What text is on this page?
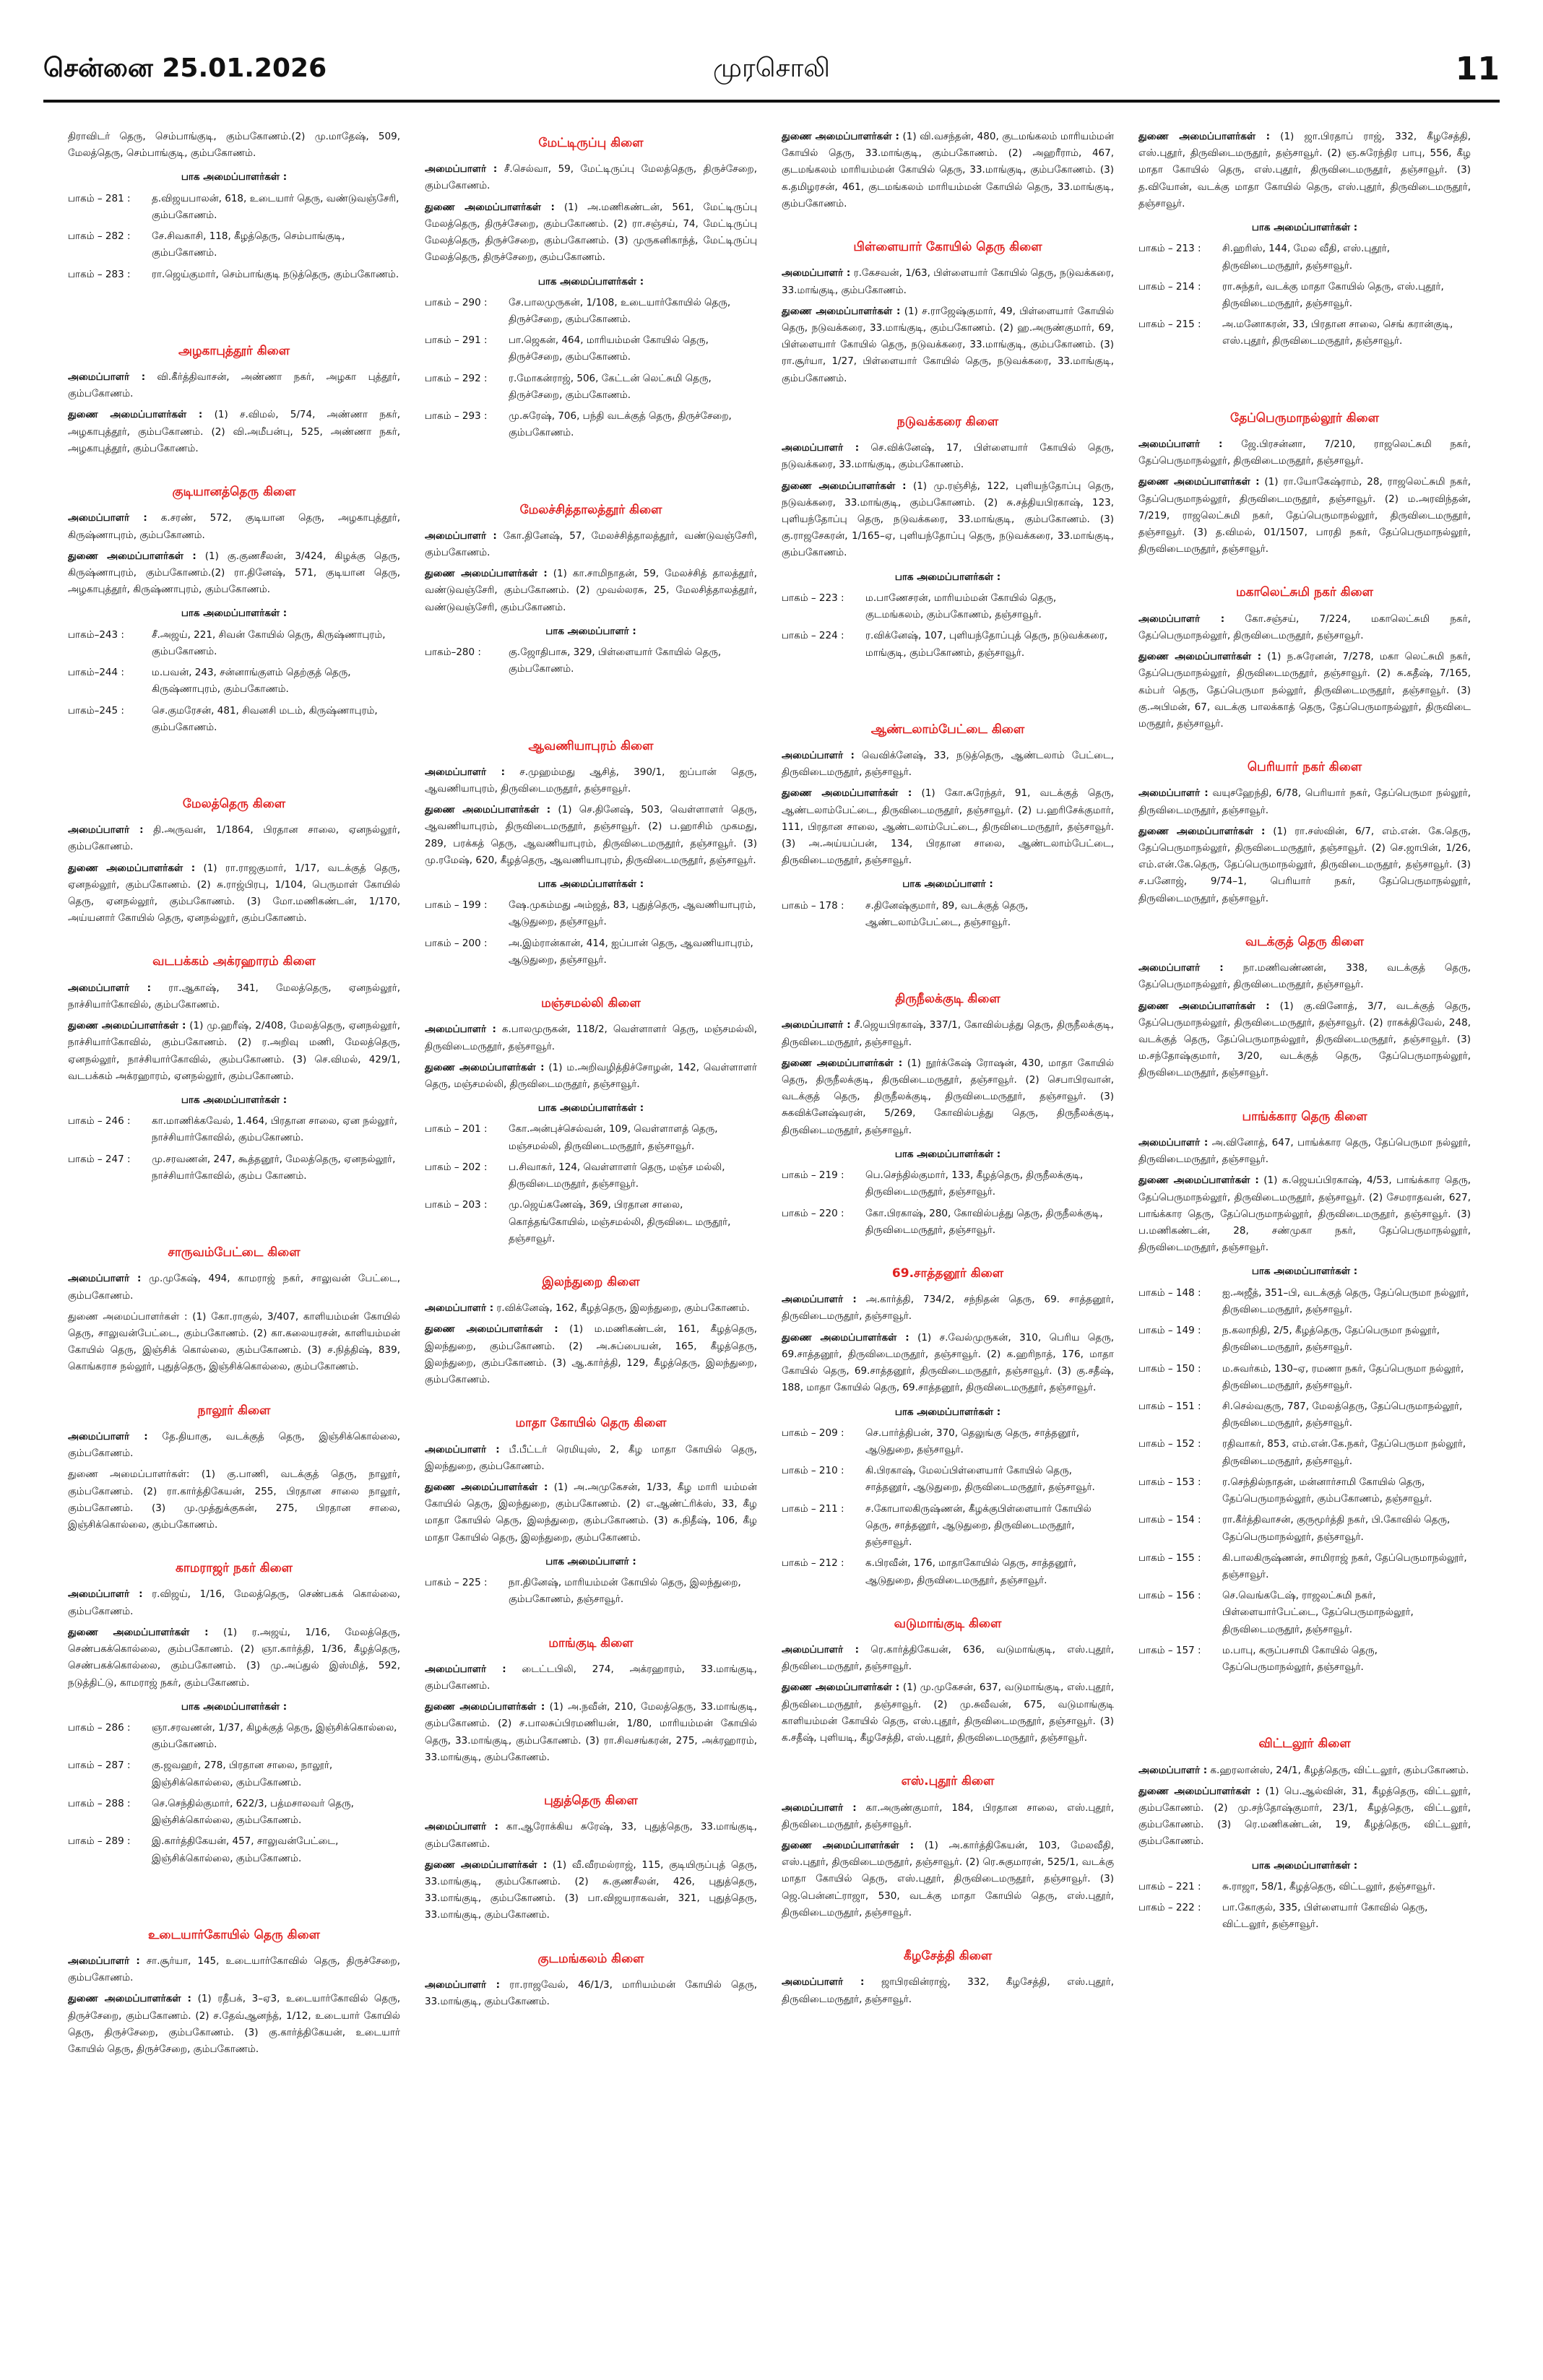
சென்னை 25.01.2026	முரசொலி	11

திராவிடர் தெரு, செம்பாங்குடி, கும்பகோணம்.(2) மு.மாதேஷ், 509, மேலத்தெரு, செம்பாங்குடி, கும்பகோணம்.

பாக அமைப்பாளர்கள் :
பாகம் – 281 :	த.விஜயபாலன், 618, உடையார் தெரு, வண்டுவஞ்சேரி, கும்பகோணம்.
பாகம் – 282 :	சே.சிவகாசி, 118, கீழத்தெரு, செம்பாங்குடி, கும்பகோணம்.
பாகம் – 283 :	ரா.ஜெய்குமார், செம்பாங்குடி நடுத்தெரு, கும்பகோணம்.
அழகாபுத்தூர் கிளை

அமைப்பாளர் : வி.கீர்த்திவாசன், அண்ணா நகர், அழகா புத்தூர், கும்பகோணம்.

துணை அமைப்பாளர்கள் : (1) ச.விமல், 5/74, அண்ணா நகர், அழகாபுத்தூர், கும்பகோணம். (2) வி.அமீபன்பு, 525, அண்ணா நகர், அழகாபுத்தூர், கும்பகோணம்.

குடியானத்தெரு கிளை

அமைப்பாளர் : க.சரண், 572, குடியான தெரு, அழகாபுத்தூர், கிருஷ்ணாபுரம், கும்பகோணம்.

துணை அமைப்பாளர்கள் : (1) கு.குணசீலன், 3/424, கிழக்கு தெரு, கிருஷ்ணாபுரம், கும்பகோணம்.(2) ரா.தினேஷ், 571, குடியான தெரு, அழகாபுத்தூர், கிருஷ்ணாபுரம், கும்பகோணம்.

பாக அமைப்பாளர்கள் :
பாகம்–243 :	சீ.அஜய், 221, சிவன் கோயில் தெரு, கிருஷ்ணாபுரம், கும்பகோணம்.
பாகம்–244 :	ம.பவன், 243, சன்னாங்குளம் தெற்குத் தெரு, கிருஷ்ணாபுரம், கும்பகோணம்.
பாகம்–245 :	செ.குமரேசன், 481, சிவனசி மடம், கிருஷ்ணாபுரம், கும்பகோணம்.
மேலத்தெரு கிளை

அமைப்பாளர் : தி.அருவன், 1/1864, பிரதான சாலை, ஏனநல்லூர், கும்பகோணம்.

துணை அமைப்பாளர்கள் : (1) ரா.ராஜகுமார், 1/17, வடக்குத் தெரு, ஏனநல்லூர், கும்பகோணம். (2) சு.ராஜ்பிரபு, 1/104, பெருமாள் கோயில் தெரு, ஏனநல்லூர், கும்பகோணம். (3) மோ.மணிகண்டன், 1/170, அய்யனார் கோயில் தெரு, ஏனநல்லூர், கும்பகோணம்.

வடபக்கம் அக்ரஹாரம் கிளை

அமைப்பாளர் : ரா.ஆகாஷ், 341, மேலத்தெரு, ஏனநல்லூர், நாச்சியார்கோவில், கும்பகோணம்.

துணை அமைப்பாளர்கள் : (1) மு.ஹரீஷ், 2/408, மேலத்தெரு, ஏனநல்லூர், நாச்சியார்கோவில், கும்பகோணம். (2) ர.அறிவு மணி, மேலத்தெரு, ஏனநல்லூர், நாச்சியார்கோவில், கும்பகோணம். (3) செ.விமல், 429/1, வடபக்கம் அக்ரஹாரம், ஏனநல்லூர், கும்பகோணம்.

பாக அமைப்பாளர்கள் :
பாகம் – 246 :	கா.மாணிக்கவேல், 1.464, பிரதான சாலை, ஏன நல்லூர், நாச்சியார்கோவில், கும்பகோணம்.
பாகம் – 247 :	மு.சரவணன், 247, கூத்தனூர், மேலத்தெரு, ஏனநல்லூர், நாச்சியார்கோவில், கும்ப கோணம்.
சாருவம்பேட்டை கிளை

அமைப்பாளர் : மு.முகேஷ், 494, காமராஜ் நகர், சாலுவன் பேட்டை, கும்பகோணம்.

துணை அமைப்பாளர்கள் : (1) கோ.ராகுல், 3/407, காளியம்மன் கோயில் தெரு, சாலுவன்பேட்டை, கும்பகோணம். (2) கா.கலையரசன், காளியம்மன் கோயில் தெரு, இஞ்சிக் கொல்லை, கும்பகோணம். (3) ச.நித்திஷ், 839, கொங்கராச நல்லூர், புதுத்தெரு, இஞ்சிக்கொல்லை, கும்பகோணம்.

நாலூர் கிளை

அமைப்பாளர் : தே.தியாகு, வடக்குத் தெரு, இஞ்சிக்கொல்லை, கும்பகோணம்.

துணை அமைப்பாளர்கள்: (1) கு.பாணி, வடக்குத் தெரு, நாலூர், கும்பகோணம். (2) ரா.கார்த்திகேயன், 255, பிரதான சாலை நாலூர், கும்பகோணம். (3) மு.முத்துக்குகன், 275, பிரதான சாலை, இஞ்சிக்கொல்லை, கும்பகோணம்.

காமராஜர் நகர் கிளை

அமைப்பாளர் : ர.விஜய், 1/16, மேலத்தெரு, செண்பகக் கொல்லை, கும்பகோணம்.

துணை அமைப்பாளர்கள் : (1) ர.அஜய், 1/16, மேலத்தெரு, செண்பகக்கொல்லை, கும்பகோணம். (2) ஞா.கார்த்தி, 1/36, கீழத்தெரு, செண்பகக்கொல்லை, கும்பகோணம். (3) மு.அப்துல் இஸ்மித், 592, நடுத்திட்டு, காமராஜ் நகர், கும்பகோணம்.

பாக அமைப்பாளர்கள் :
பாகம் – 286 :	ஞா.சரவணன், 1/37, கிழக்குத் தெரு, இஞ்சிக்கொல்லை, கும்பகோணம்.
பாகம் – 287 :	கு.ஜவஹர், 278, பிரதான சாலை, நாலூர், இஞ்சிக்கொல்லை, கும்பகோணம்.
பாகம் – 288 :	செ.செந்தில்குமார், 622/3, பத்மசாலவர் தெரு, இஞ்சிக்கொல்லை, கும்பகோணம்.
பாகம் – 289 :	இ.கார்த்திகேயன், 457, சாலுவன்பேட்டை, இஞ்சிக்கொல்லை, கும்பகோணம்.
உடையார்கோயில் தெரு கிளை

அமைப்பாளர் : சா.சூர்யா, 145, உடையார்கோவில் தெரு, திருச்சேறை, கும்பகோணம்.

துணை அமைப்பாளர்கள் : (1) ரதீபக், 3–ஏ3, உடையார்கோவில் தெரு, திருச்சேறை, கும்பகோணம். (2) ச.தேவ்ஆனந்த், 1/12, உடையார் கோயில் தெரு, திருச்சேறை, கும்பகோணம். (3) கு.கார்த்திகேயன், உடையார் கோயில் தெரு, திருச்சேறை, கும்பகோணம்.

மேட்டிருப்பு கிளை

அமைப்பாளர் : சீ.செல்வா, 59, மேட்டிருப்பு மேலத்தெரு, திருச்சேறை, கும்பகோணம்.

துணை அமைப்பாளர்கள் : (1) அ.மணிகண்டன், 561, மேட்டிருப்பு மேலத்தெரு, திருச்சேறை, கும்பகோணம். (2) ரா.சஞ்சய், 74, மேட்டிருப்பு மேலத்தெரு, திருச்சேறை, கும்பகோணம். (3) முருகனிகாந்த், மேட்டிருப்பு மேலத்தெரு, திருச்சேறை, கும்பகோணம்.

பாக அமைப்பாளர்கள் :
பாகம் – 290 :	சே.பாலமுருகன், 1/108, உடையார்கோயில் தெரு, திருச்சேறை, கும்பகோணம்.
பாகம் – 291 :	பா.ஜெகன், 464, மாரியம்மன் கோயில் தெரு, திருச்சேறை, கும்பகோணம்.
பாகம் – 292 :	ர.மோகன்ராஜ், 506, கேட்டன் லெட்சுமி தெரு, திருச்சேறை, கும்பகோணம்.
பாகம் – 293 :	மு.சுரேஷ், 706, பந்தி வடக்குத் தெரு, திருச்சேறை, கும்பகோணம்.
மேலச்சித்தாலத்தூர் கிளை

அமைப்பாளர் : கோ.தினேஷ், 57, மேலச்சித்தாலத்தூர், வண்டுவஞ்சேரி, கும்பகோணம்.

துணை அமைப்பாளர்கள் : (1) கா.சாமிநாதன், 59, மேலச்சித் தாலத்தூர், வண்டுவஞ்சேரி, கும்பகோணம். (2) முவல்லரசு, 25, மேலசித்தாலத்தூர், வண்டுவஞ்சேரி, கும்பகோணம்.

பாக அமைப்பாளர் :
பாகம்–280 :	கு.ஜோதிபாசு, 329, பிள்ளையார் கோயில் தெரு, கும்பகோணம்.
ஆவணியாபுரம் கிளை

அமைப்பாளர் : ச.முஹம்மது ஆசித், 390/1, ஐப்பான் தெரு, ஆவணியாபுரம், திருவிடைமருதூர், தஞ்சாவூர்.

துணை அமைப்பாளர்கள் : (1) செ.தினேஷ், 503, வெள்ளாளர் தெரு, ஆவணியாபுரம், திருவிடைமருதூர், தஞ்சாவூர். (2) ப.ஹாசிம் முகமது, 289, பரக்கத் தெரு, ஆவணியாபுரம், திருவிடைமருதூர், தஞ்சாவூர். (3) மு.ரமேஷ், 620, கீழத்தெரு, ஆவணியாபுரம், திருவிடைமருதூர், தஞ்சாவூர்.

பாக அமைப்பாளர்கள் :
பாகம் – 199 :	ஷே.முகம்மது அம்ஜத், 83, புதுத்தெரு, ஆவணியாபுரம், ஆடுதுறை, தஞ்சாவூர்.
பாகம் – 200 :	அ.இம்ரான்கான், 414, ஐப்பான் தெரு, ஆவணியாபுரம், ஆடுதுறை, தஞ்சாவூர்.
மஞ்சமல்லி கிளை

அமைப்பாளர் : க.பாலமுருகன், 118/2, வெள்ளாளர் தெரு, மஞ்சமல்லி, திருவிடைமருதூர், தஞ்சாவூர்.

துணை அமைப்பாளர்கள் : (1) ம.அறிவழித்திச்சோழன், 142, வெள்ளாளர் தெரு, மஞ்சமல்லி, திருவிடைமருதூர், தஞ்சாவூர்.

பாக அமைப்பாளர்கள் :
பாகம் – 201 :	கோ.அன்புச்செல்வன், 109, வெள்ளாளத் தெரு, மஞ்சமல்லி, திருவிடைமருதூர், தஞ்சாவூர்.
பாகம் – 202 :	ப.சிவாகர், 124, வெள்ளாளர் தெரு, மஞ்ச மல்லி, திருவிடைமருதூர், தஞ்சாவூர்.
பாகம் – 203 :	மு.ஜெய்கணேஷ், 369, பிரதான சாலை, கொத்தங்கோயில், மஞ்சமல்லி, திருவிடை மருதூர், தஞ்சாவூர்.
இலந்துறை கிளை

அமைப்பாளர் : ர.விக்னேஷ், 162, கீழத்தெரு, இலந்துறை, கும்பகோணம்.

துணை அமைப்பாளர்கள் : (1) ம.மணிகண்டன், 161, கீழத்தெரு, இலந்துறை, கும்பகோணம். (2) அ.சுப்பையன், 165, கீழத்தெரு, இலந்துறை, கும்பகோணம். (3) ஆ.கார்த்தி, 129, கீழத்தெரு, இலந்துறை, கும்பகோணம்.

மாதா கோயில் தெரு கிளை

அமைப்பாளர் : பீ.பீட்டர் ரெமியுஸ், 2, கீழ மாதா கோயில் தெரு, இலந்துறை, கும்பகோணம்.

துணை அமைப்பாளர்கள் : (1) அ.அமுகேசன், 1/33, கீழ மாரி யம்மன் கோயில் தெரு, இலந்துறை, கும்பகோணம். (2) எ.ஆண்ட்ரிக்ஸ், 33, கீழ மாதா கோயில் தெரு, இலந்துறை, கும்பகோணம். (3) சு.நிதீஷ், 106, கீழ மாதா கோயில் தெரு, இலந்துறை, கும்பகோணம்.

பாக அமைப்பாளர் :
பாகம் – 225 :	நா.தினேஷ், மாரியம்மன் கோயில் தெரு, இலந்துறை, கும்பகோணம், தஞ்சாவூர்.
மாங்குடி கிளை

அமைப்பாளர் : டைட்டபிலி, 274, அக்ரஹாரம், 33.மாங்குடி, கும்பகோணம்.

துணை அமைப்பாளர்கள் : (1) அ.நவீன், 210, மேலத்தெரு, 33.மாங்குடி, கும்பகோணம். (2) ச.பாலசுப்பிரமணியன், 1/80, மாரியம்மன் கோயில் தெரு, 33.மாங்குடி, கும்பகோணம். (3) ரா.சிவசங்கரன், 275, அக்ரஹாரம், 33.மாங்குடி, கும்பகோணம்.

புதுத்தெரு கிளை

அமைப்பாளர் : கா.ஆரோக்கிய சுரேஷ், 33, புதுத்தெரு, 33.மாங்குடி, கும்பகோணம்.

துணை அமைப்பாளர்கள் : (1) வீ.வீரமல்ராஜ், 115, குடியிருப்புத் தெரு, 33.மாங்குடி, கும்பகோணம். (2) சு.குணசீலன், 426, புதுத்தெரு, 33.மாங்குடி, கும்பகோணம். (3) பா.விஜயராகவன், 321, புதுத்தெரு, 33.மாங்குடி, கும்பகோணம்.

குடமங்கலம் கிளை

அமைப்பாளர் : ரா.ராஜவேல், 46/1/3, மாரியம்மன் கோயில் தெரு, 33.மாங்குடி, கும்பகோணம்.

துணை அமைப்பாளர்கள் : (1) வி.வசந்தன், 480, குடமங்கலம் மாரியம்மன் கோயில் தெரு, 33.மாங்குடி, கும்பகோணம். (2) அஹரீராம், 467, குடமங்கலம் மாரியம்மன் கோயில் தெரு, 33.மாங்குடி, கும்பகோணம். (3) க.தமிழரசன், 461, குடமங்கலம் மாரியம்மன் கோயில் தெரு, 33.மாங்குடி, கும்பகோணம்.

பிள்ளையார் கோயில் தெரு கிளை

அமைப்பாளர் : ர.கேசவன், 1/63, பிள்ளையார் கோயில் தெரு, நடுவக்கரை, 33.மாங்குடி, கும்பகோணம்.

துணை அமைப்பாளர்கள் : (1) ச.ராஜேஷ்குமார், 49, பிள்ளையார் கோயில் தெரு, நடுவக்கரை, 33.மாங்குடி, கும்பகோணம். (2) ஹ.அருண்குமார், 69, பிள்ளையார் கோயில் தெரு, நடுவக்கரை, 33.மாங்குடி, கும்பகோணம். (3) ரா.சூர்யா, 1/27, பிள்ளையார் கோயில் தெரு, நடுவக்கரை, 33.மாங்குடி, கும்பகோணம்.

நடுவக்கரை கிளை

அமைப்பாளர் : செ.விக்னேஷ், 17, பிள்ளையார் கோயில் தெரு, நடுவக்கரை, 33.மாங்குடி, கும்பகோணம்.

துணை அமைப்பாளர்கள் : (1) மு.ரஞ்சித், 122, புளியந்தோப்பு தெரு, நடுவக்கரை, 33.மாங்குடி, கும்பகோணம். (2) சு.சத்தியபிரகாஷ், 123, புளியந்தோப்பு தெரு, நடுவக்கரை, 33.மாங்குடி, கும்பகோணம். (3) கு.ராஜசேகரன், 1/165–ஏ, புளியந்தோப்பு தெரு, நடுவக்கரை, 33.மாங்குடி, கும்பகோணம்.

பாக அமைப்பாளர்கள் :
பாகம் – 223 :	ம.பாணேசரன், மாரியம்மன் கோயில் தெரு, குடமங்கலம், கும்பகோணம், தஞ்சாவூர்.
பாகம் – 224 :	ர.விக்னேஷ், 107, புளியந்தோப்புத் தெரு, நடுவக்கரை, மாங்குடி, கும்பகோணம், தஞ்சாவூர்.
ஆண்டலாம்பேட்டை கிளை

அமைப்பாளர் : வெவிக்னேஷ், 33, நடுத்தெரு, ஆண்டலாம் பேட்டை, திருவிடைமருதூர், தஞ்சாவூர்.

துணை அமைப்பாளர்கள் : (1) கோ.சுரேந்தர், 91, வடக்குத் தெரு, ஆண்டலாம்பேட்டை, திருவிடைமருதூர், தஞ்சாவூர். (2) ப.ஹரிசேக்குமார், 111, பிரதான சாலை, ஆண்டலாம்பேட்டை, திருவிடைமருதூர், தஞ்சாவூர். (3) அ.அய்யப்பன், 134, பிரதான சாலை, ஆண்டலாம்பேட்டை, திருவிடைமருதூர், தஞ்சாவூர்.

பாக அமைப்பாளர் :
பாகம் – 178 :	ச.தினேஷ்குமார், 89, வடக்குத் தெரு, ஆண்டலாம்பேட்டை, தஞ்சாவூர்.
திருநீலக்குடி கிளை

அமைப்பாளர் : சீ.ஜெயபிரகாஷ், 337/1, கோவில்பத்து தெரு, திருநீலக்குடி, திருவிடைமருதூர், தஞ்சாவூர்.

துணை அமைப்பாளர்கள் : (1) நூர்க்கேஷ் ரோஷன், 430, மாதா கோயில் தெரு, திருநீலக்குடி, திருவிடைமருதூர், தஞ்சாவூர். (2) செபாபிரவான், வடக்குத் தெரு, திருநீலக்குடி, திருவிடைமருதூர், தஞ்சாவூர். (3) சுகவிக்னேஷ்வரன், 5/269, கோவில்பத்து தெரு, திருநீலக்குடி, திருவிடைமருதூர், தஞ்சாவூர்.

பாக அமைப்பாளர்கள் :
பாகம் – 219 :	பெ.செந்தில்குமார், 133, கீழத்தெரு, திருநீலக்குடி, திருவிடைமருதூர், தஞ்சாவூர்.
பாகம் – 220 :	கோ.பிரகாஷ், 280, கோவில்பத்து தெரு, திருநீலக்குடி, திருவிடைமருதூர், தஞ்சாவூர்.
69.சாத்தனூர் கிளை

அமைப்பாளர் : அ.கார்த்தி, 734/2, சந்நிதன் தெரு, 69. சாத்தனூர், திருவிடைமருதூர், தஞ்சாவூர்.

துணை அமைப்பாளர்கள் : (1) ச.வேல்முருகன், 310, பெரிய தெரு, 69.சாத்தனூர், திருவிடைமருதூர், தஞ்சாவூர். (2) க.ஹரிநாத், 176, மாதா கோயில் தெரு, 69.சாத்தனூர், திருவிடைமருதூர், தஞ்சாவூர். (3) கு.சதீஷ், 188, மாதா கோயில் தெரு, 69.சாத்தனூர், திருவிடைமருதூர், தஞ்சாவூர்.

பாக அமைப்பாளர்கள் :
பாகம் – 209 :	செ.பார்த்திபன், 370, தெலுங்கு தெரு, சாத்தனூர், ஆடுதுறை, தஞ்சாவூர்.
பாகம் – 210 :	கி.பிரகாஷ், மேலப்பிள்ளையார் கோயில் தெரு, சாத்தனூர், ஆடுதுறை, திருவிடைமருதூர், தஞ்சாவூர்.
பாகம் – 211 :	ச.கோபாலகிருஷ்ணன், கீழக்குபிள்ளையார் கோயில் தெரு, சாத்தனூர், ஆடுதுறை, திருவிடைமருதூர், தஞ்சாவூர்.
பாகம் – 212 :	க.பிரவீன், 176, மாதாகோயில் தெரு, சாத்தனூர், ஆடுதுறை, திருவிடைமருதூர், தஞ்சாவூர்.
வடுமாங்குடி கிளை

அமைப்பாளர் : ரெ.கார்த்திகேயன், 636, வடுமாங்குடி, எஸ்.புதூர், திருவிடைமருதூர், தஞ்சாவூர்.

துணை அமைப்பாளர்கள் : (1) மு.முகேசன், 637, வடுமாங்குடி, எஸ்.புதூர், திருவிடைமருதூர், தஞ்சாவூர். (2) மு.சுவீவன், 675, வடுமாங்குடி காளியம்மன் கோயில் தெரு, எஸ்.புதூர், திருவிடைமருதூர், தஞ்சாவூர். (3) க.சதீஷ், புளியடி, கீழசேத்தி, எஸ்.புதூர், திருவிடைமருதூர், தஞ்சாவூர்.

எஸ்.புதூர் கிளை

அமைப்பாளர் : கா.அருண்குமார், 184, பிரதான சாலை, எஸ்.புதூர், திருவிடைமருதூர், தஞ்சாவூர்.

துணை அமைப்பாளர்கள் : (1) அ.கார்த்திகேயன், 103, மேலவீதி, எஸ்.புதூர், திருவிடைமருதூர், தஞ்சாவூர். (2) ரெ.சுகுமாரன், 525/1, வடக்கு மாதா கோயில் தெரு, எஸ்.புதூர், திருவிடைமருதூர், தஞ்சாவூர். (3) ஜெ.பென்னட்ராஜா, 530, வடக்கு மாதா கோயில் தெரு, எஸ்.புதூர், திருவிடைமருதூர், தஞ்சாவூர்.

கீழசேத்தி கிளை

அமைப்பாளர் : ஜாபிரவின்ராஜ், 332, கீழசேத்தி, எஸ்.புதூர், திருவிடைமருதூர், தஞ்சாவூர்.

துணை அமைப்பாளர்கள் : (1) ஜா.பிரதாப் ராஜ், 332, கீழசேத்தி, எஸ்.புதூர், திருவிடைமருதூர், தஞ்சாவூர். (2) ஞ.சுரேந்திர பாபு, 556, கீழ மாதா கோயில் தெரு, எஸ்.புதூர், திருவிடைமருதூர், தஞ்சாவூர். (3) த.வியோன், வடக்கு மாதா கோயில் தெரு, எஸ்.புதூர், திருவிடைமருதூர், தஞ்சாவூர்.

பாக அமைப்பாளர்கள் :
பாகம் – 213 :	சி.ஹரிஸ், 144, மேல வீதி, எஸ்.புதூர், திருவிடைமருதூர், தஞ்சாவூர்.
பாகம் – 214 :	ரா.சுந்தர், வடக்கு மாதா கோயில் தெரு, எஸ்.புதூர், திருவிடைமருதூர், தஞ்சாவூர்.
பாகம் – 215 :	அ.மனோகரன், 33, பிரதான சாலை, செங் கரான்குடி, எஸ்.புதூர், திருவிடைமருதூர், தஞ்சாவூர்.
தேப்பெருமாநல்லூர் கிளை

அமைப்பாளர் : ஜே.பிரசன்னா, 7/210, ராஜலெட்சுமி நகர், தேப்பெருமாநல்லூர், திருவிடைமருதூர், தஞ்சாவூர்.

துணை அமைப்பாளர்கள் : (1) ரா.யோகேஷ்ராம், 28, ராஜலெட்சுமி நகர், தேப்பெருமாநல்லூர், திருவிடைமருதூர், தஞ்சாவூர். (2) ம.அரவிந்தன், 7/219, ராஜலெட்சுமி நகர், தேப்பெருமாநல்லூர், திருவிடைமருதூர், தஞ்சாவூர். (3) த.விமல், 01/1507, பாரதி நகர், தேப்பெருமாநல்லூர், திருவிடைமருதூர், தஞ்சாவூர்.

மகாலெட்சுமி நகர் கிளை

அமைப்பாளர் : கோ.சஞ்சய், 7/224, மகாலெட்சுமி நகர், தேப்பெருமாநல்லூர், திருவிடைமருதூர், தஞ்சாவூர்.

துணை அமைப்பாளர்கள் : (1) ந.சுரேனன், 7/278, மகா லெட்சுமி நகர், தேப்பெருமாநல்லூர், திருவிடைமருதூர், தஞ்சாவூர். (2) சு.கதீஷ், 7/165, கம்பர் தெரு, தேப்பெருமா நல்லூர், திருவிடைமருதூர், தஞ்சாவூர். (3) கு.அபிமன், 67, வடக்கு பாலக்காத் தெரு, தேப்பெருமாநல்லூர், திருவிடை மருதூர், தஞ்சாவூர்.

பெரியார் நகர் கிளை

அமைப்பாளர் : வயுசஹேந்தி, 6/78, பெரியார் நகர், தேப்பெருமா நல்லூர், திருவிடைமருதூர், தஞ்சாவூர்.

துணை அமைப்பாளர்கள் : (1) ரா.சஸ்வின், 6/7, எம்.என். கே.தெரு, தேப்பெருமாநல்லூர், திருவிடைமருதூர், தஞ்சாவூர். (2) செ.ஜாபின், 1/26, எம்.என்.கே.தெரு, தேப்பெருமாநல்லூர், திருவிடைமருதூர், தஞ்சாவூர். (3) ச.பனோஜ், 9/74–1, பெரியார் நகர், தேப்பெருமாநல்லூர், திருவிடைமருதூர், தஞ்சாவூர்.

வடக்குத் தெரு கிளை

அமைப்பாளர் : நா.மணிவண்ணன், 338, வடக்குத் தெரு, தேப்பெருமாநல்லூர், திருவிடைமருதூர், தஞ்சாவூர்.

துணை அமைப்பாளர்கள் : (1) கு.வினோத், 3/7, வடக்குத் தெரு, தேப்பெருமாநல்லூர், திருவிடைமருதூர், தஞ்சாவூர். (2) ராகக்திவேல், 248, வடக்குத் தெரு, தேப்பெருமாநல்லூர், திருவிடைமருதூர், தஞ்சாவூர். (3) ம.சந்தோஷ்குமார், 3/20, வடக்குத் தெரு, தேப்பெருமாநல்லூர், திருவிடைமருதூர், தஞ்சாவூர்.

பாங்க்கார தெரு கிளை

அமைப்பாளர் : அ.வினோத், 647, பாங்க்கார தெரு, தேப்பெருமா நல்லூர், திருவிடைமருதூர், தஞ்சாவூர்.

துணை அமைப்பாளர்கள் : (1) க.ஜெயப்பிரகாஷ், 4/53, பாங்க்கார தெரு, தேப்பெருமாநல்லூர், திருவிடைமருதூர், தஞ்சாவூர். (2) சேமராதவன், 627, பாங்க்கார தெரு, தேப்பெருமாநல்லூர், திருவிடைமருதூர், தஞ்சாவூர். (3) ப.மணிகண்டன், 28, சண்முகா நகர், தேப்பெருமாநல்லூர், திருவிடைமருதூர், தஞ்சாவூர்.

பாக அமைப்பாளர்கள் :
பாகம் – 148 :	ஐ.அஜீத், 351–பி, வடக்குத் தெரு, தேப்பெருமா நல்லூர், திருவிடைமருதூர், தஞ்சாவூர்.
பாகம் – 149 :	ந.கலாநிதி, 2/5, கீழத்தெரு, தேப்பெருமா நல்லூர், திருவிடைமருதூர், தஞ்சாவூர்.
பாகம் – 150 :	ம.சுவர்கம், 130–ஏ, ரமணா நகர், தேப்பெருமா நல்லூர், திருவிடைமருதூர், தஞ்சாவூர்.
பாகம் – 151 :	சி.செல்வகுரு, 787, மேலத்தெரு, தேப்பெருமாநல்லூர், திருவிடைமருதூர், தஞ்சாவூர்.
பாகம் – 152 :	ரதிவாகர், 853, எம்.என்.கே.நகர், தேப்பெருமா நல்லூர், திருவிடைமருதூர், தஞ்சாவூர்.
பாகம் – 153 :	ர.செந்தில்நாதன், மன்னார்சாமி கோயில் தெரு, தேப்பெருமாநல்லூர், கும்பகோணம், தஞ்சாவூர்.
பாகம் – 154 :	ரா.கீர்த்திவாசன், குருமூர்த்தி நகர், பி.கோவில் தெரு, தேப்பெருமாநல்லூர், தஞ்சாவூர்.
பாகம் – 155 :	கி.பாலகிருஷ்ணன், சாமிராஜ் நகர், தேப்பெருமாநல்லூர், தஞ்சாவூர்.
பாகம் – 156 :	செ.வெங்கடேஷ், ராஜலட்சுமி நகர், பிள்ளையார்பேட்டை, தேப்பெருமாநல்லூர், திருவிடைமருதூர், தஞ்சாவூர்.
பாகம் – 157 :	ம.பாபு, கருப்பசாமி கோயில் தெரு, தேப்பெருமாநல்லூர், தஞ்சாவூர்.
விட்டலூர் கிளை

அமைப்பாளர் : க.ஹரலான்ஸ், 24/1, கீழத்தெரு, விட்டலூர், கும்பகோணம்.

துணை அமைப்பாளர்கள் : (1) பெ.ஆல்வின், 31, கீழத்தெரு, விட்டலூர், கும்பகோணம். (2) மு.சந்தோஷ்குமார், 23/1, கீழத்தெரு, விட்டலூர், கும்பகோணம். (3) ரெ.மணிகண்டன், 19, கீழத்தெரு, விட்டலூர், கும்பகோணம்.

பாக அமைப்பாளர்கள் :
பாகம் – 221 :	சு.ராஜா, 58/1, கீழத்தெரு, விட்டலூர், தஞ்சாவூர்.
பாகம் – 222 :	பா.கோகுல், 335, பிள்ளையார் கோவில் தெரு, விட்டலூர், தஞ்சாவூர்.
